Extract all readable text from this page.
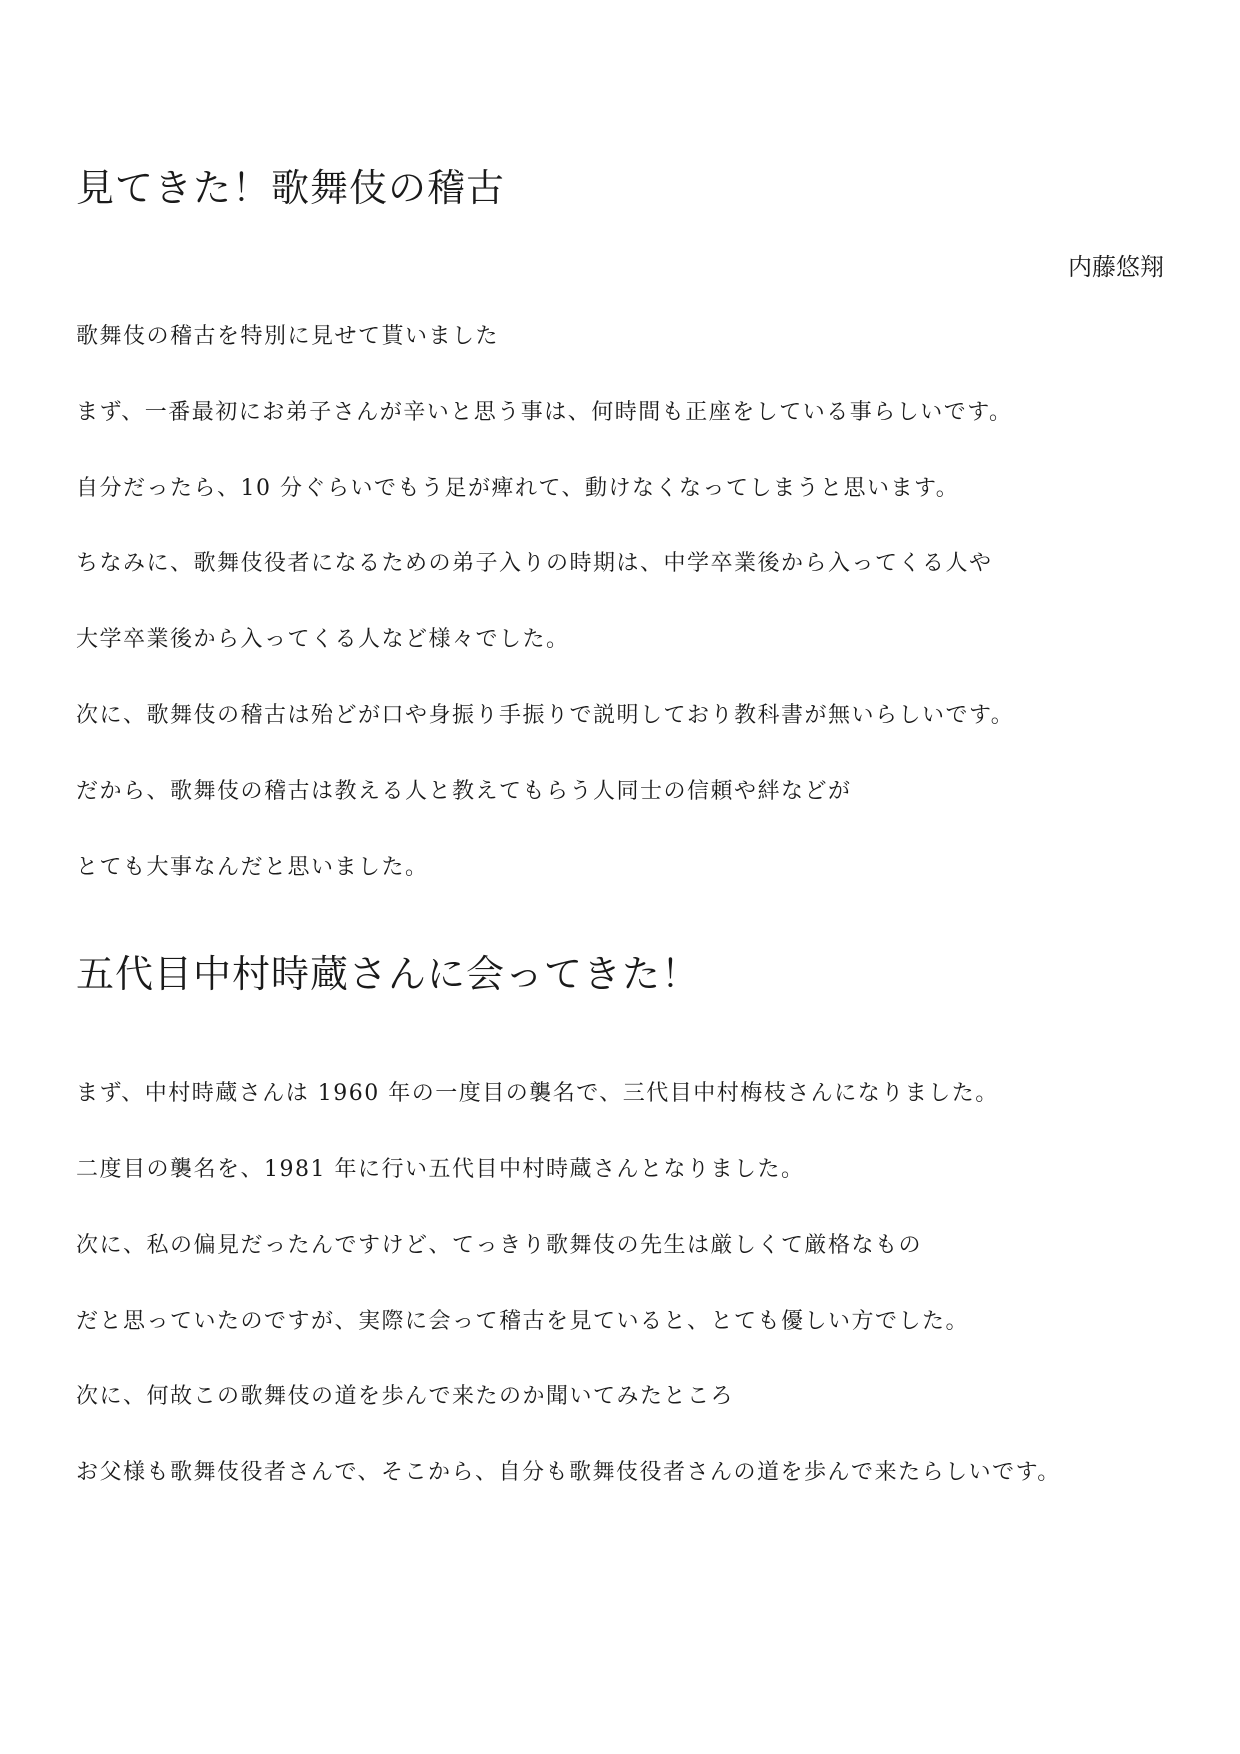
見てきた！歌舞伎の稽古
内藤悠翔

歌舞伎の稽古を特別に見せて貰いました

まず、一番最初にお弟子さんが辛いと思う事は、何時間も正座をしている事らしいです。

自分だったら、10 分ぐらいでもう足が痺れて、動けなくなってしまうと思います。

ちなみに、歌舞伎役者になるための弟子入りの時期は、中学卒業後から入ってくる人や

大学卒業後から入ってくる人など様々でした。

次に、歌舞伎の稽古は殆どが口や身振り手振りで説明しており教科書が無いらしいです。

だから、歌舞伎の稽古は教える人と教えてもらう人同士の信頼や絆などが

とても大事なんだと思いました。

五代目中村時蔵さんに会ってきた！

まず、中村時蔵さんは 1960 年の一度目の襲名で、三代目中村梅枝さんになりました。

二度目の襲名を、1981 年に行い五代目中村時蔵さんとなりました。

次に、私の偏見だったんですけど、てっきり歌舞伎の先生は厳しくて厳格なもの

だと思っていたのですが、実際に会って稽古を見ていると、とても優しい方でした。

次に、何故この歌舞伎の道を歩んで来たのか聞いてみたところ

お父様も歌舞伎役者さんで、そこから、自分も歌舞伎役者さんの道を歩んで来たらしいです。
